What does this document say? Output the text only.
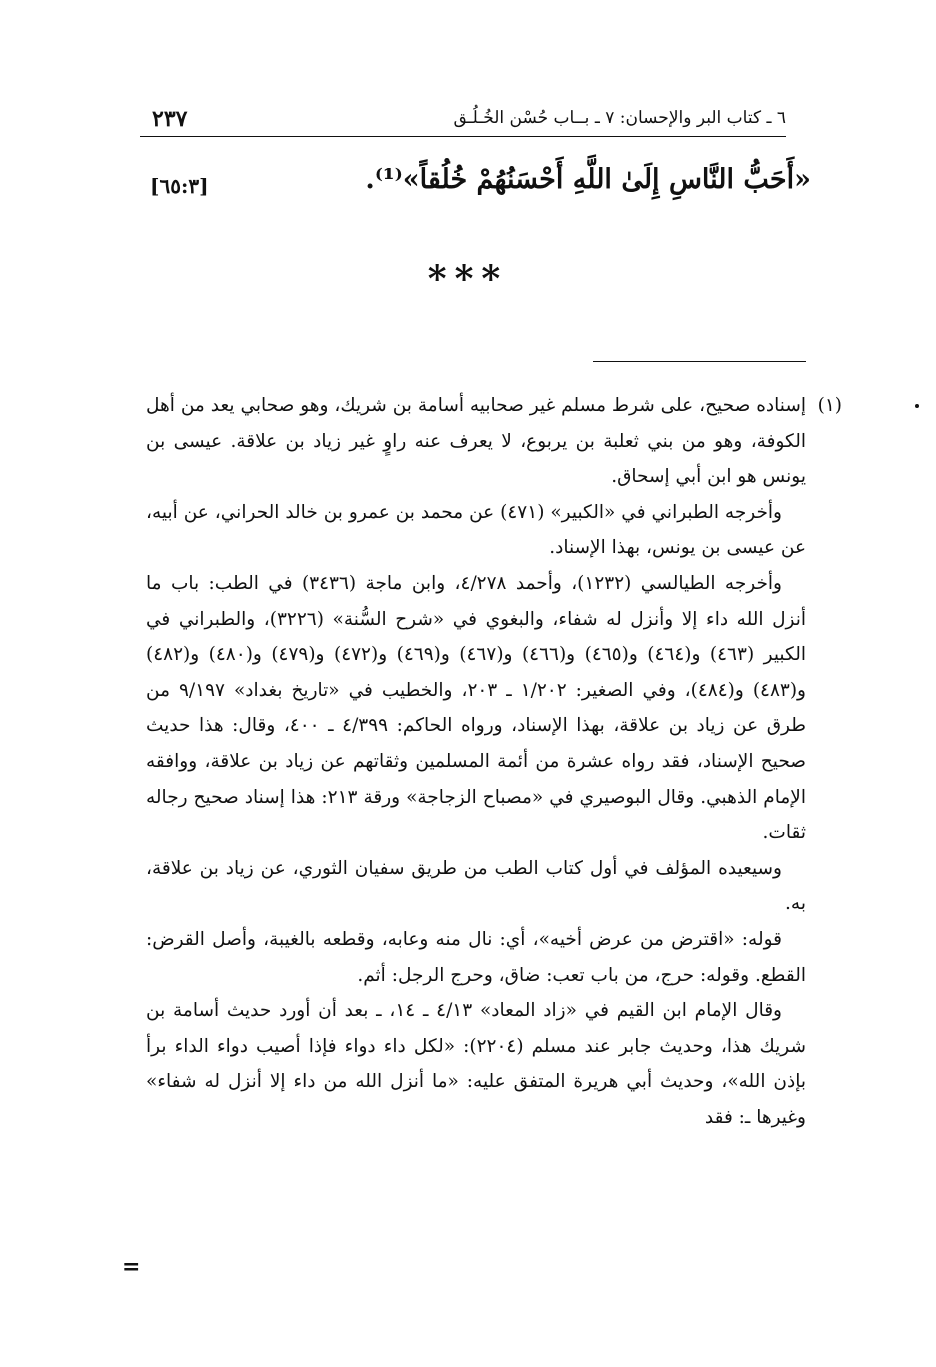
٢٣٧	٦ ـ كتاب البر والإحسان: ٧ ـ بــاب حُسْن الخُـلُـق
«أَحَبُّ النَّاسِ إِلَىٰ اللَّهِ أَحْسَنُهُمْ خُلُقاً»⁽¹⁾.
[٦٥:٣]
***
(١)

إسناده صحيح، على شرط مسلم غير صحابيه أسامة بن شريك، وهو صحابي يعد من أهل الكوفة، وهو من بني ثعلبة بن يربوع، لا يعرف عنه راوٍ غير زياد بن علاقة. عيسى بن يونس هو ابن أبي إسحاق.

وأخرجه الطبراني في «الكبير» (٤٧١) عن محمد بن عمرو بن خالد الحراني، عن أبيه، عن عيسى بن يونس، بهذا الإسناد.

وأخرجه الطيالسي (١٢٣٢)، وأحمد ٤/٢٧٨، وابن ماجة (٣٤٣٦) في الطب: باب ما أنزل الله داء إلا وأنزل له شفاء، والبغوي في «شرح السُّنة» (٣٢٢٦)، والطبراني في الكبير (٤٦٣) و(٤٦٤) و(٤٦٥) و(٤٦٦) و(٤٦٧) و(٤٦٩) و(٤٧٢) و(٤٧٩) و(٤٨٠) و(٤٨٢) و(٤٨٣) و(٤٨٤)، وفي الصغير: ١/٢٠٢ ـ ٢٠٣، والخطيب في «تاريخ بغداد» ٩/١٩٧ من طرق عن زياد بن علاقة، بهذا الإسناد، ورواه الحاكم: ٤/٣٩٩ ـ ٤٠٠، وقال: هذا حديث صحيح الإسناد، فقد رواه عشرة من أئمة المسلمين وثقاتهم عن زياد بن علاقة، ووافقه الإمام الذهبي. وقال البوصيري في «مصباح الزجاجة» ورقة ٢١٣: هذا إسناد صحيح رجاله ثقات.

وسيعيده المؤلف في أول كتاب الطب من طريق سفيان الثوري، عن زياد بن علاقة، به.

قوله: «اقترض من عرض أخيه»، أي: نال منه وعابه، وقطعه بالغيبة، وأصل القرض: القطع. وقوله: حرج، من باب تعب: ضاق، وحرج الرجل: أثم.

وقال الإمام ابن القيم في «زاد المعاد» ٤/١٣ ـ ١٤، ـ بعد أن أورد حديث أسامة بن شريك هذا، وحديث جابر عند مسلم (٢٢٠٤): «لكل داء دواء فإذا أصيب دواء الداء برأ بإذن الله»، وحديث أبي هريرة المتفق عليه: «ما أنزل الله من داء إلا أنزل له شفاء» وغيرها ـ: فقد

=
